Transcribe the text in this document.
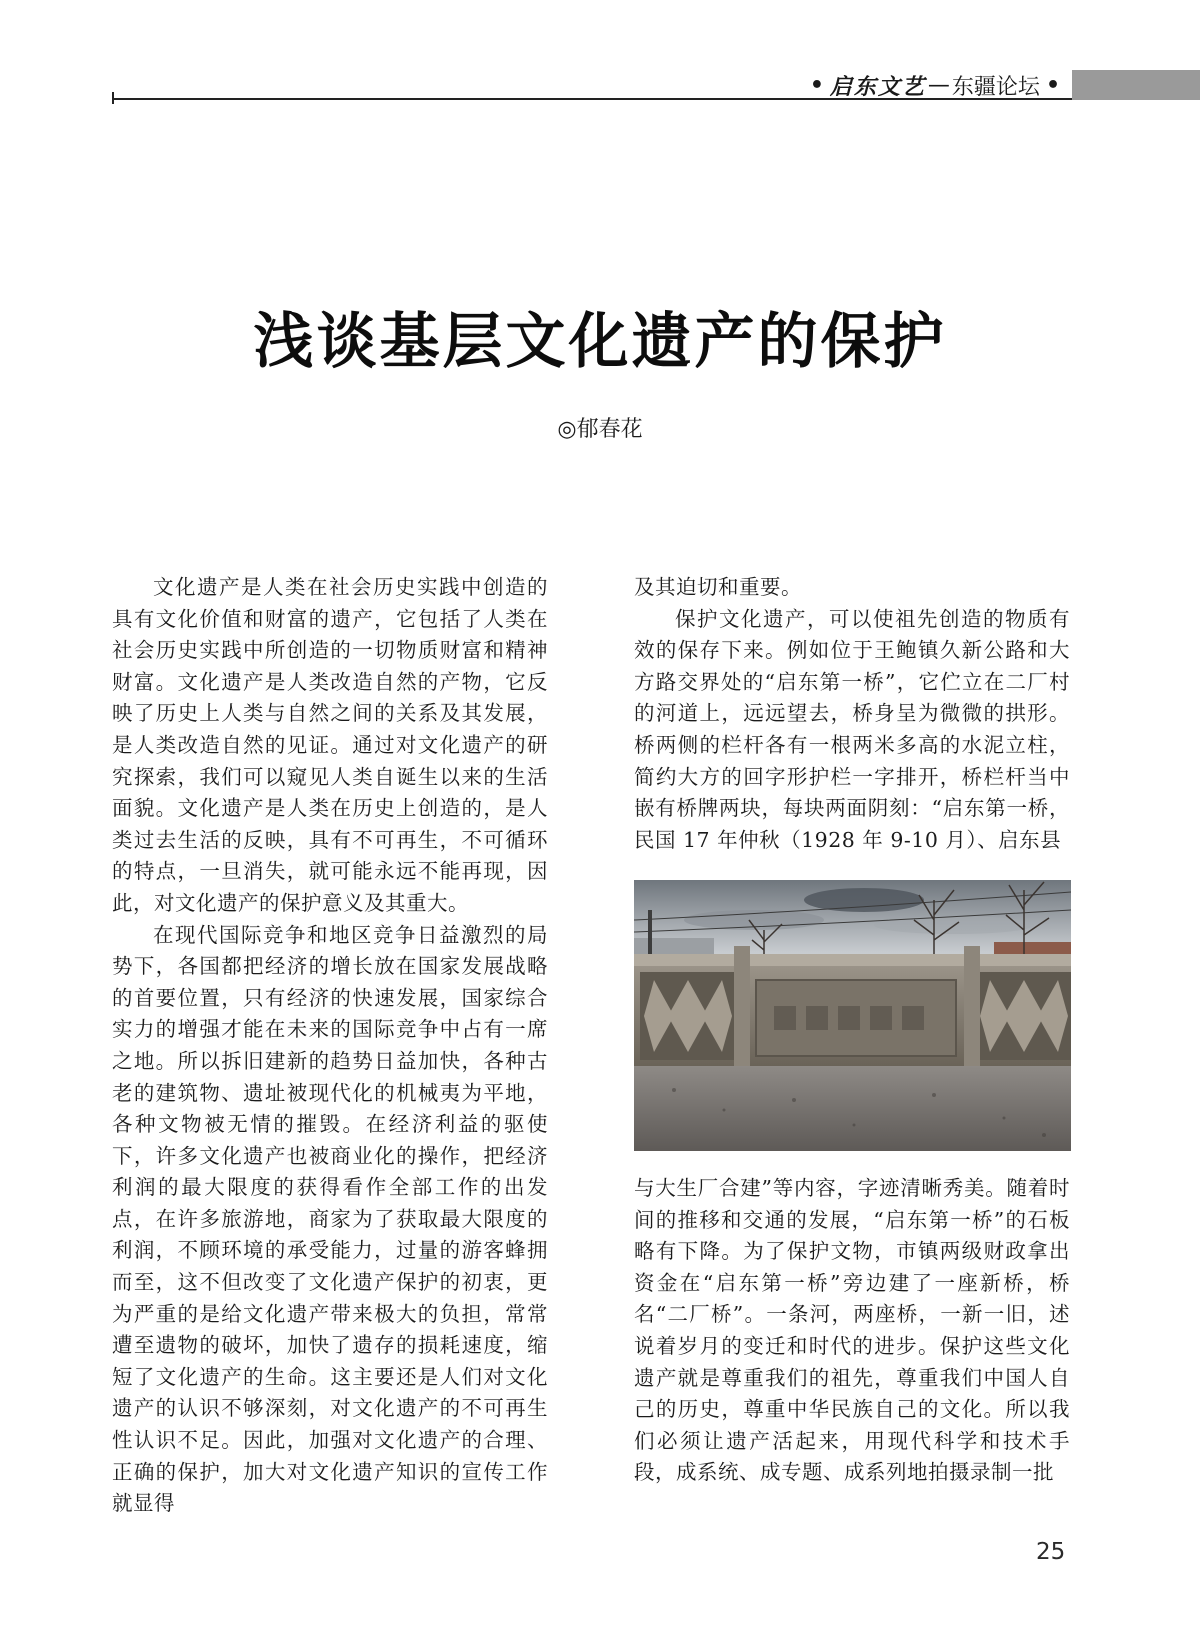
• 启东文艺 — 东疆论坛 •
浅谈基层文化遗产的保护
◎郁春花

文化遗产是人类在社会历史实践中创造的具有文化价值和财富的遗产，它包括了人类在社会历史实践中所创造的一切物质财富和精神财富。文化遗产是人类改造自然的产物，它反映了历史上人类与自然之间的关系及其发展，是人类改造自然的见证。通过对文化遗产的研究探索，我们可以窥见人类自诞生以来的生活面貌。文化遗产是人类在历史上创造的，是人类过去生活的反映，具有不可再生，不可循环的特点，一旦消失，就可能永远不能再现，因此，对文化遗产的保护意义及其重大。

在现代国际竞争和地区竞争日益激烈的局势下，各国都把经济的增长放在国家发展战略的首要位置，只有经济的快速发展，国家综合实力的增强才能在未来的国际竞争中占有一席之地。所以拆旧建新的趋势日益加快，各种古老的建筑物、遗址被现代化的机械夷为平地，各种文物被无情的摧毁。在经济利益的驱使下，许多文化遗产也被商业化的操作，把经济利润的最大限度的获得看作全部工作的出发点，在许多旅游地，商家为了获取最大限度的利润，不顾环境的承受能力，过量的游客蜂拥而至，这不但改变了文化遗产保护的初衷，更为严重的是给文化遗产带来极大的负担，常常遭至遗物的破坏，加快了遗存的损耗速度，缩短了文化遗产的生命。这主要还是人们对文化遗产的认识不够深刻，对文化遗产的不可再生性认识不足。因此，加强对文化遗产的合理、正确的保护，加大对文化遗产知识的宣传工作就显得

及其迫切和重要。

保护文化遗产，可以使祖先创造的物质有效的保存下来。例如位于王鲍镇久新公路和大方路交界处的“启东第一桥”，它伫立在二厂村的河道上，远远望去，桥身呈为微微的拱形。桥两侧的栏杆各有一根两米多高的水泥立柱，简约大方的回字形护栏一字排开，桥栏杆当中嵌有桥牌两块，每块两面阴刻：“启东第一桥，民国 17 年仲秋（1928 年 9-10 月）、启东县

与大生厂合建”等内容，字迹清晰秀美。随着时间的推移和交通的发展，“启东第一桥”的石板略有下降。为了保护文物，市镇两级财政拿出资金在“启东第一桥”旁边建了一座新桥，桥名“二厂桥”。一条河，两座桥，一新一旧，述说着岁月的变迁和时代的进步。保护这些文化遗产就是尊重我们的祖先，尊重我们中国人自己的历史，尊重中华民族自己的文化。所以我们必须让遗产活起来，用现代科学和技术手段，成系统、成专题、成系列地拍摄录制一批

25
